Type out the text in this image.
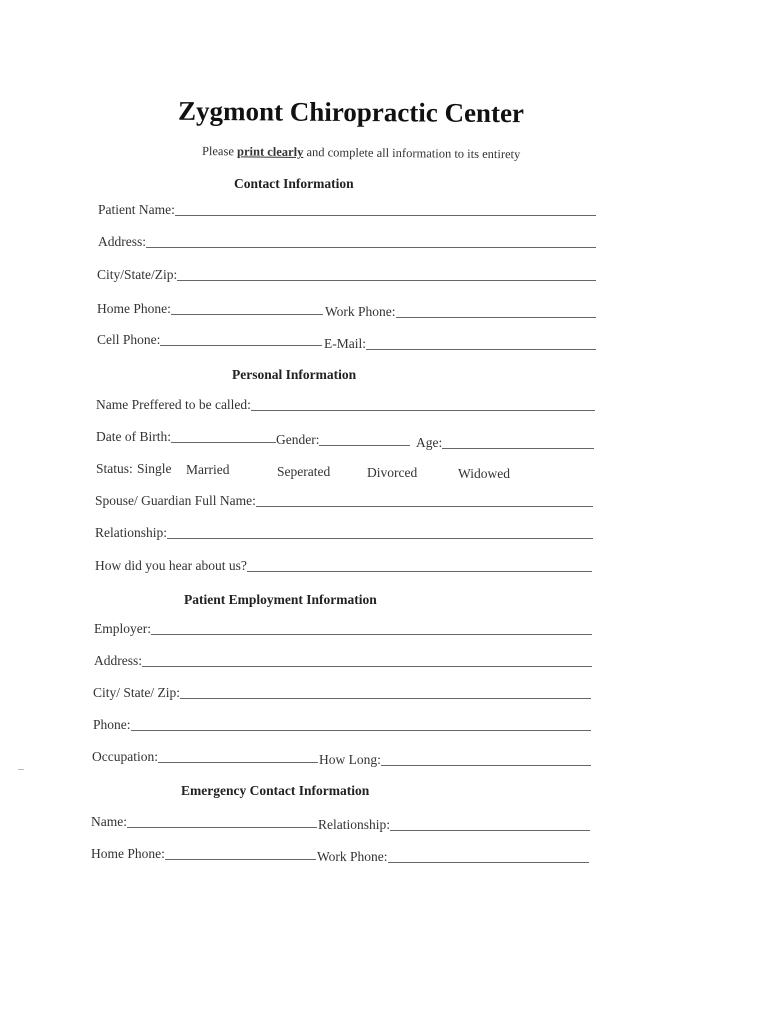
Zygmont Chiropractic Center
Please print clearly and complete all information to its entirety
Contact Information
Patient Name:
Address:
City/State/Zip:
Home Phone:	Work Phone:
Cell Phone:	E-Mail:
Personal Information
Name Preffered to be called:
Date of Birth:	Gender:	Age:
Status: Single Married	Seperated	Divorced	Widowed
Spouse/ Guardian Full Name:
Relationship:
How did you hear about us?
Patient Employment Information
Employer:
Address:
City/ State/ Zip:
Phone:
Occupation:	How Long:
Emergency Contact Information
Name:	Relationship:
Home Phone:	Work Phone:
